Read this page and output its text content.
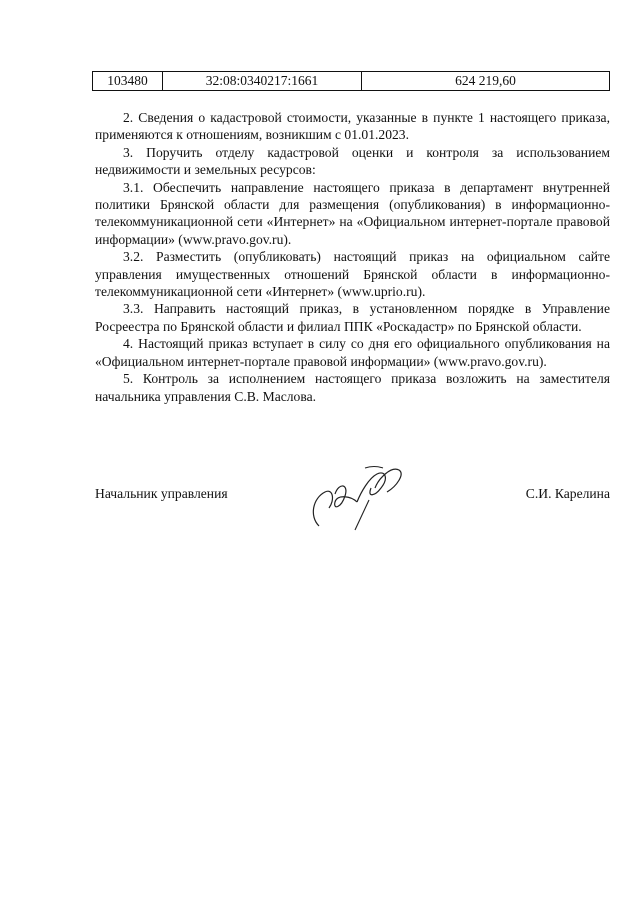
103480	32:08:0340217:1661	624 219,60

2. Сведения о кадастровой стоимости, указанные в пункте 1 настоящего приказа, применяются к отношениям, возникшим с 01.01.2023.

3. Поручить отделу кадастровой оценки и контроля за использованием недвижимости и земельных ресурсов:

3.1. Обеспечить направление настоящего приказа в департамент внутренней политики Брянской области для размещения (опубликования) в информационно-телекоммуникационной сети «Интернет» на «Официальном интернет-портале правовой информации» (www.pravo.gov.ru).

3.2. Разместить (опубликовать) настоящий приказ на официальном сайте управления имущественных отношений Брянской области в информационно-телекоммуникационной сети «Интернет» (www.uprio.ru).

3.3. Направить настоящий приказ, в установленном порядке в Управление Росреестра по Брянской области и филиал ППК «Роскадастр» по Брянской области.

4. Настоящий приказ вступает в силу со дня его официального опубликования на «Официальном интернет-портале правовой информации» (www.pravo.gov.ru).

5. Контроль за исполнением настоящего приказа возложить на заместителя начальника управления С.В. Маслова.

Начальник управления	С.И. Карелина
